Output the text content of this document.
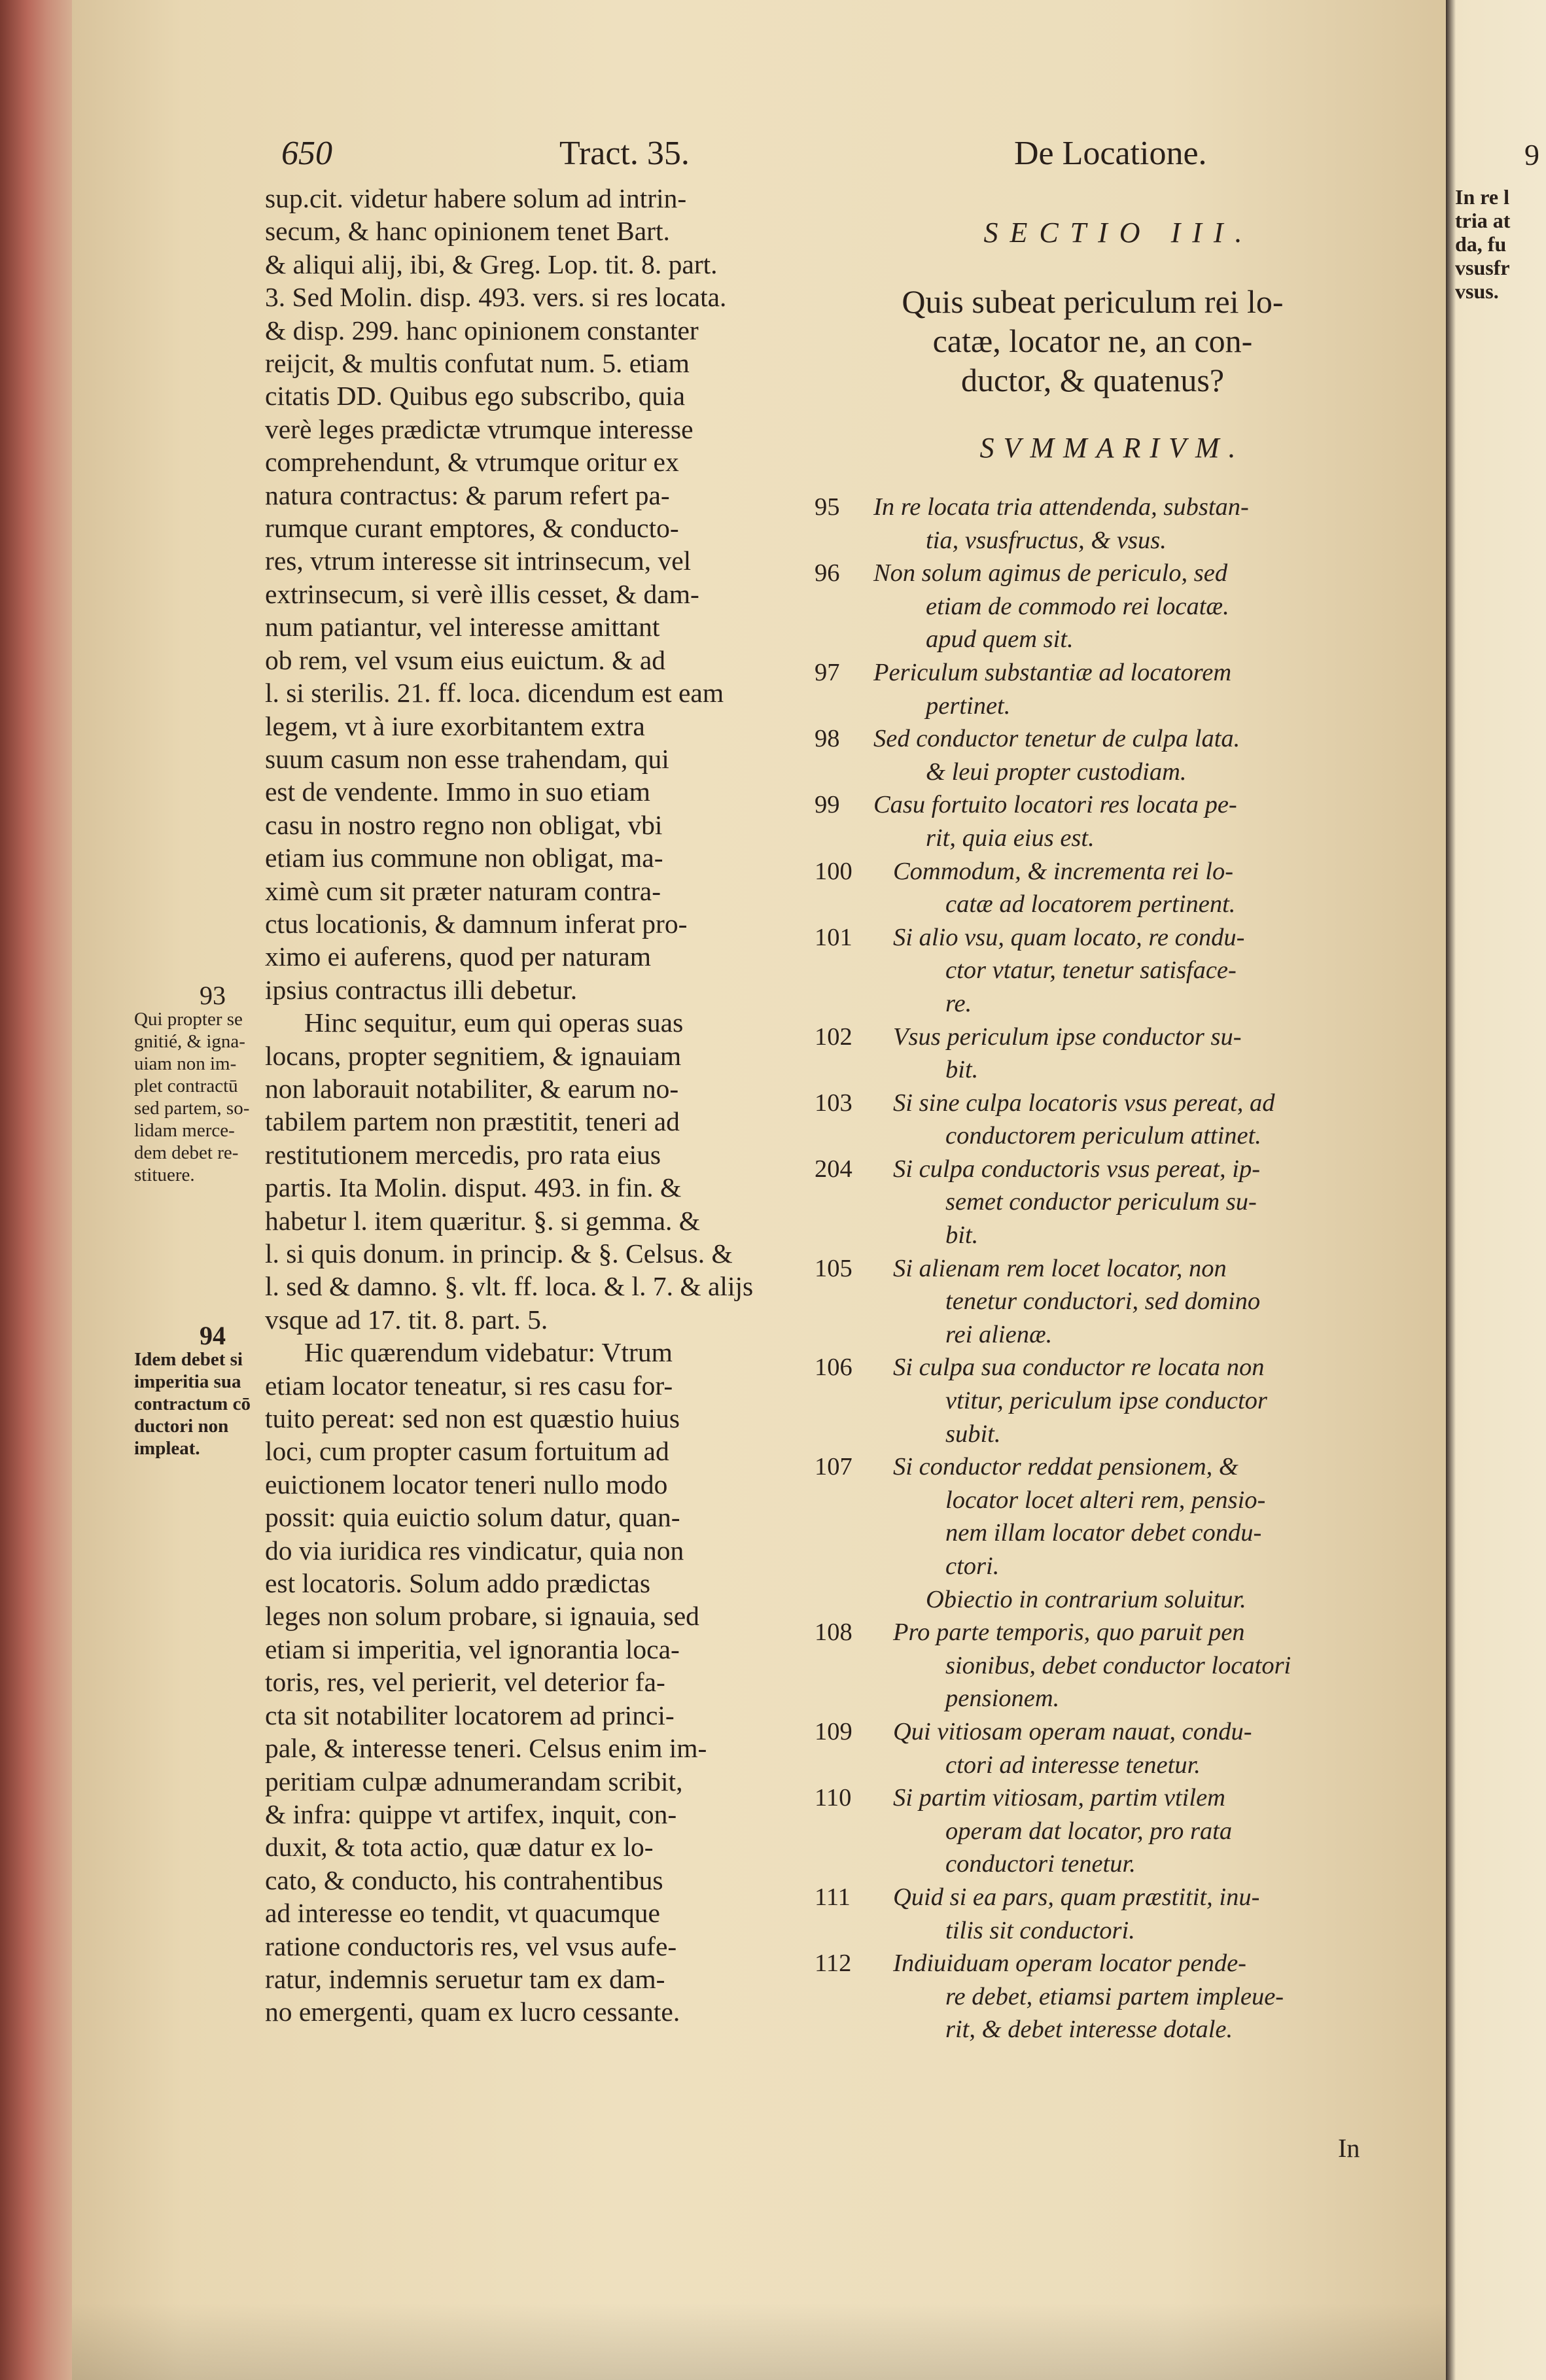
650	Tract. 35.	De Locatione.
sup.cit. videtur habere solum ad intrin-
secum, & hanc opinionem tenet Bart.
& aliqui alij, ibi, & Greg. Lop. tit. 8. part.
3. Sed Molin. disp. 493. vers. si res locata.
& disp. 299. hanc opinionem constanter
reijcit, & multis confutat num. 5. etiam
citatis DD. Quibus ego subscribo, quia
verè leges prædictæ vtrumque interesse
comprehendunt, & vtrumque oritur ex
natura contractus: & parum refert pa-
rumque curant emptores, & conducto-
res, vtrum interesse sit intrinsecum, vel
extrinsecum, si verè illis cesset, & dam-
num patiantur, vel interesse amittant
ob rem, vel vsum eius euictum. & ad
l. si sterilis. 21. ff. loca. dicendum est eam
legem, vt à iure exorbitantem extra
suum casum non esse trahendam, qui
est de vendente. Immo in suo etiam
casu in nostro regno non obligat, vbi
etiam ius commune non obligat, ma-
ximè cum sit præter naturam contra-
ctus locationis, & damnum inferat pro-
ximo ei auferens, quod per naturam
ipsius contractus illi debetur.
Hinc sequitur, eum qui operas suas
locans, propter segnitiem, & ignauiam
non laborauit notabiliter, & earum no-
tabilem partem non præstitit, teneri ad
restitutionem mercedis, pro rata eius
partis. Ita Molin. disput. 493. in fin. &
habetur l. item quæritur. §. si gemma. &
l. si quis donum. in princip. & §. Celsus. &
l. sed & damno. §. vlt. ff. loca. & l. 7. & alijs
vsque ad 17. tit. 8. part. 5.
Hic quærendum videbatur: Vtrum
etiam locator teneatur, si res casu for-
tuito pereat: sed non est quæstio huius
loci, cum propter casum fortuitum ad
euictionem locator teneri nullo modo
possit: quia euictio solum datur, quan-
do via iuridica res vindicatur, quia non
est locatoris. Solum addo prædictas
leges non solum probare, si ignauia, sed
etiam si imperitia, vel ignorantia loca-
toris, res, vel perierit, vel deterior fa-
cta sit notabiliter locatorem ad princi-
pale, & interesse teneri. Celsus enim im-
peritiam culpæ adnumerandam scribit,
& infra: quippe vt artifex, inquit, con-
duxit, & tota actio, quæ datur ex lo-
cato, & conducto, his contrahentibus
ad interesse eo tendit, vt quacumque
ratione conductoris res, vel vsus aufe-
ratur, indemnis seruetur tam ex dam-
no emergenti, quam ex lucro cessante.
93
Qui propter se
gnitié, & igna-
uiam non im-
plet contractū
sed partem, so-
lidam merce-
dem debet re-
stituere.
94
Idem debet si
imperitia sua
contractum cō
ductori non
impleat.
SECTIO III.
Quis subeat periculum rei lo-
catæ, locator ne, an con-
ductor, & quatenus?
SVMMARIVM.
95	In re locata tria attendenda, substan-
tia, vsusfructus, & vsus.
96	Non solum agimus de periculo, sed
etiam de commodo rei locatæ.
apud quem sit.
97	Periculum substantiæ ad locatorem
pertinet.
98	Sed conductor tenetur de culpa lata.
& leui propter custodiam.
99	Casu fortuito locatori res locata pe-
rit, quia eius est.
100	Commodum, & incrementa rei lo-
catæ ad locatorem pertinent.
101	Si alio vsu, quam locato, re condu-
ctor vtatur, tenetur satisface-
re.
102	Vsus periculum ipse conductor su-
bit.
103	Si sine culpa locatoris vsus pereat, ad
conductorem periculum attinet.
204	Si culpa conductoris vsus pereat, ip-
semet conductor periculum su-
bit.
105	Si alienam rem locet locator, non
tenetur conductori, sed domino
rei alienæ.
106	Si culpa sua conductor re locata non
vtitur, periculum ipse conductor
subit.
107	Si conductor reddat pensionem, &
locator locet alteri rem, pensio-
nem illam locator debet condu-
ctori.
Obiectio in contrarium soluitur.
108	Pro parte temporis, quo paruit pen
sionibus, debet conductor locatori
pensionem.
109	Qui vitiosam operam nauat, condu-
ctori ad interesse tenetur.
110	Si partim vitiosam, partim vtilem
operam dat locator, pro rata
conductori tenetur.
111	Quid si ea pars, quam præstitit, inu-
tilis sit conductori.
112	Indiuiduam operam locator pende-
re debet, etiamsi partem impleue-
rit, & debet interesse dotale.
In
9
In re l
tria at
da, fu
vsusfr
vsus.
